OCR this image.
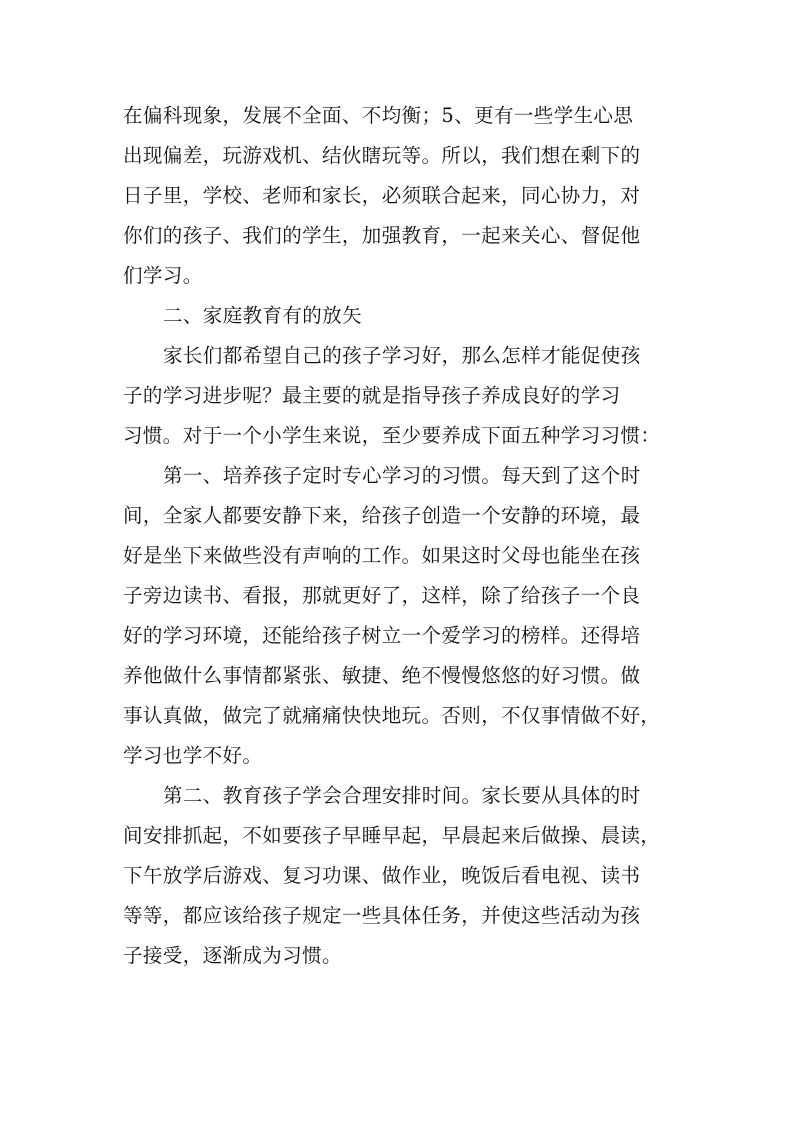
在偏科现象，发展不全面、不均衡；5、更有一些学生心思
出现偏差，玩游戏机、结伙瞎玩等。所以，我们想在剩下的
日子里，学校、老师和家长，必须联合起来，同心协力，对
你们的孩子、我们的学生，加强教育，一起来关心、督促他
们学习。
二、家庭教育有的放矢
家长们都希望自己的孩子学习好，那么怎样才能促使孩
子的学习进步呢？最主要的就是指导孩子养成良好的学习
习惯。对于一个小学生来说，至少要养成下面五种学习习惯：
第一、培养孩子定时专心学习的习惯。每天到了这个时
间，全家人都要安静下来，给孩子创造一个安静的环境，最
好是坐下来做些没有声响的工作。如果这时父母也能坐在孩
子旁边读书、看报，那就更好了，这样，除了给孩子一个良
好的学习环境，还能给孩子树立一个爱学习的榜样。还得培
养他做什么事情都紧张、敏捷、绝不慢慢悠悠的好习惯。做
事认真做，做完了就痛痛快快地玩。否则，不仅事情做不好，
学习也学不好。
第二、教育孩子学会合理安排时间。家长要从具体的时
间安排抓起，不如要孩子早睡早起，早晨起来后做操、晨读，
下午放学后游戏、复习功课、做作业，晚饭后看电视、读书
等等，都应该给孩子规定一些具体任务，并使这些活动为孩
子接受，逐渐成为习惯。
